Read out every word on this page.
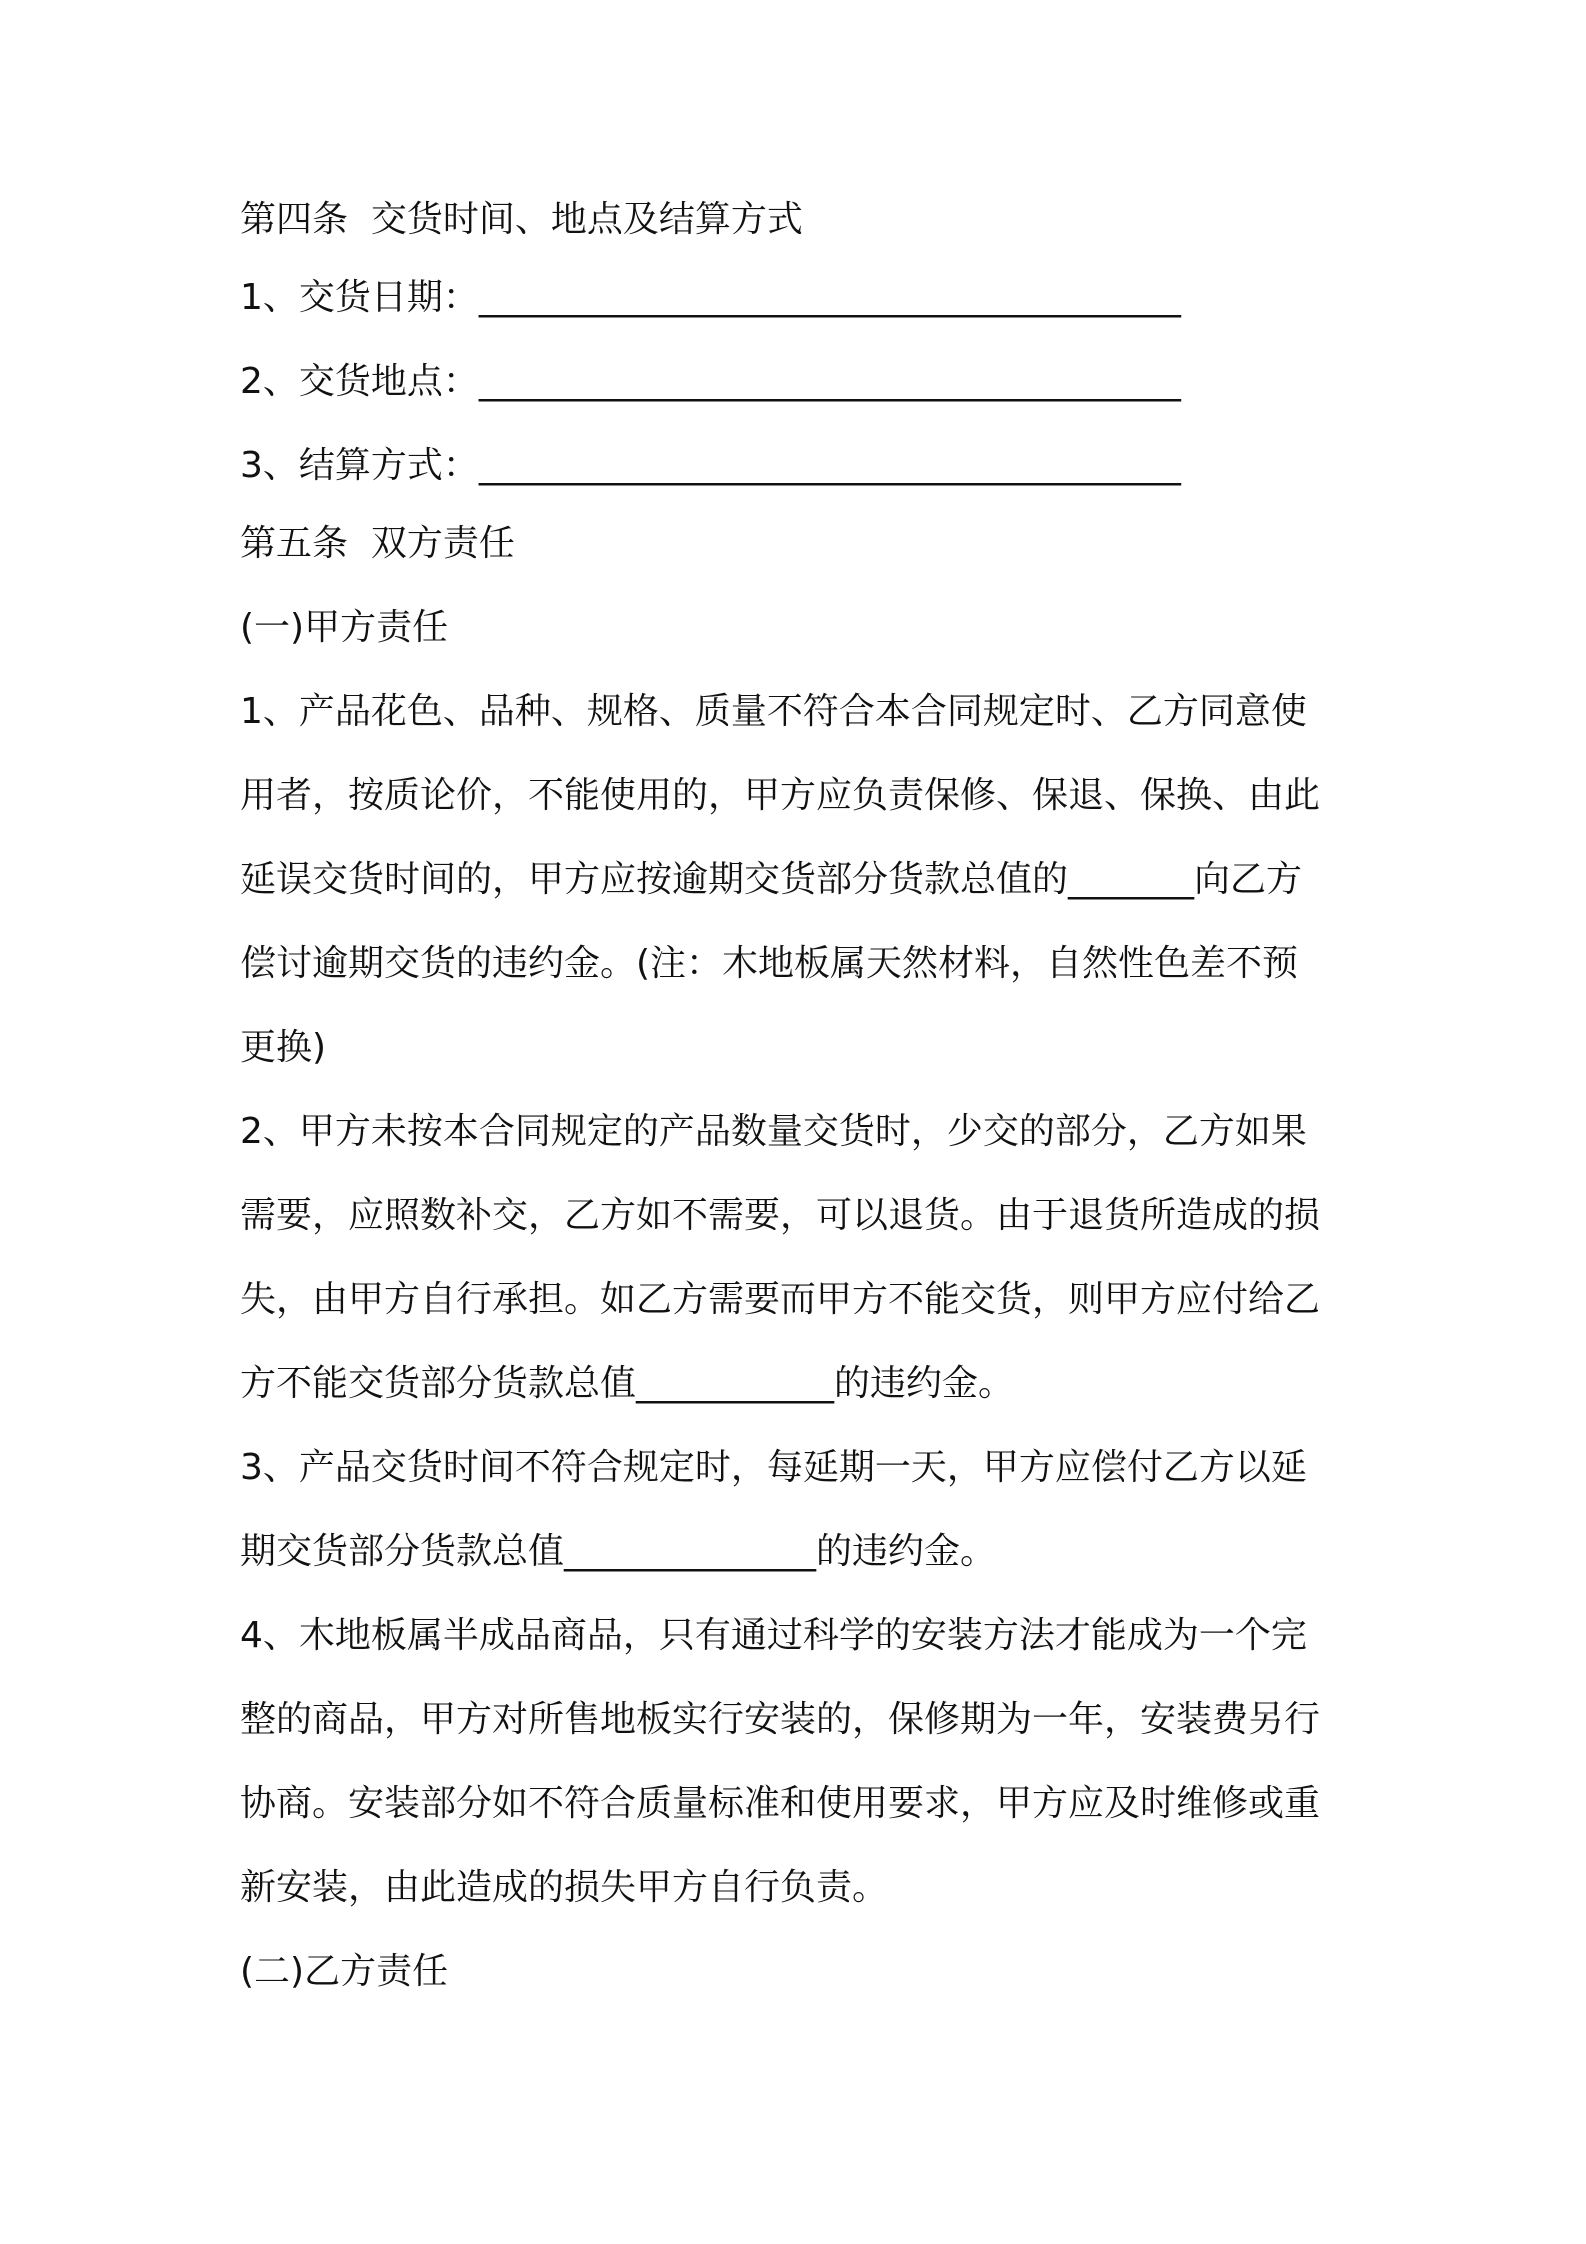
第四条  交货时间、地点及结算方式

1、交货日期：_______________________________________

2、交货地点：_______________________________________

3、结算方式：_______________________________________

第五条  双方责任

(一)甲方责任

1、产品花色、品种、规格、质量不符合本合同规定时、乙方同意使

用者，按质论价，不能使用的，甲方应负责保修、保退、保换、由此

延误交货时间的，甲方应按逾期交货部分货款总值的_______向乙方

偿讨逾期交货的违约金。(注：木地板属天然材料，自然性色差不预

更换)

2、甲方未按本合同规定的产品数量交货时，少交的部分，乙方如果

需要，应照数补交，乙方如不需要，可以退货。由于退货所造成的损

失，由甲方自行承担。如乙方需要而甲方不能交货，则甲方应付给乙

方不能交货部分货款总值___________的违约金。

3、产品交货时间不符合规定时，每延期一天，甲方应偿付乙方以延

期交货部分货款总值______________的违约金。

4、木地板属半成品商品，只有通过科学的安装方法才能成为一个完

整的商品，甲方对所售地板实行安装的，保修期为一年，安装费另行

协商。安装部分如不符合质量标准和使用要求，甲方应及时维修或重

新安装，由此造成的损失甲方自行负责。

(二)乙方责任
